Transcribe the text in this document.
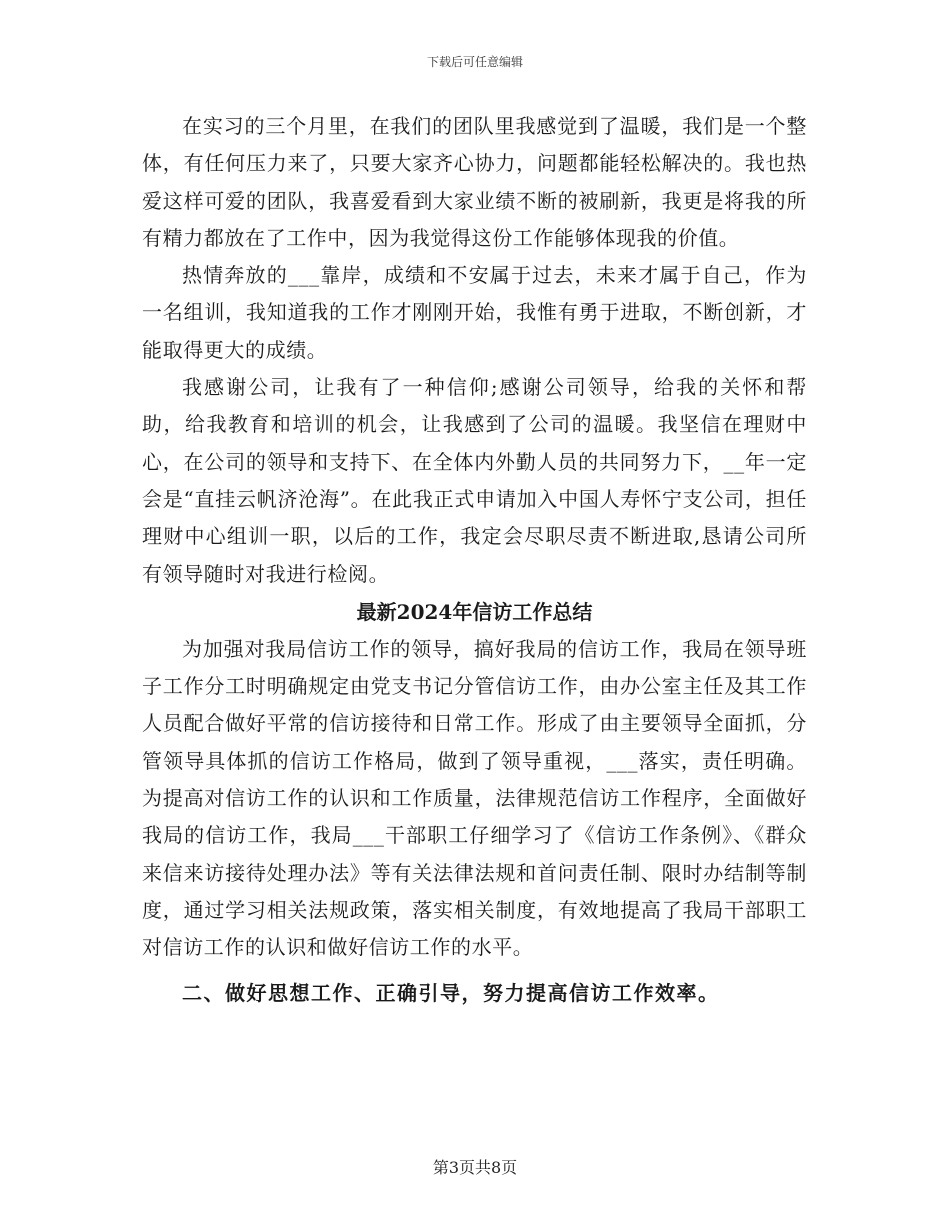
下载后可任意编辑

在实习的三个月里，在我们的团队里我感觉到了温暖，我们是一个整体，有任何压力来了，只要大家齐心协力，问题都能轻松解决的。我也热爱这样可爱的团队，我喜爱看到大家业绩不断的被刷新，我更是将我的所有精力都放在了工作中，因为我觉得这份工作能够体现我的价值。

热情奔放的___靠岸，成绩和不安属于过去，未来才属于自己，作为一名组训，我知道我的工作才刚刚开始，我惟有勇于进取，不断创新，才能取得更大的成绩。

我感谢公司，让我有了一种信仰;感谢公司领导，给我的关怀和帮助，给我教育和培训的机会，让我感到了公司的温暖。我坚信在理财中心，在公司的领导和支持下、在全体内外勤人员的共同努力下，__年一定会是“直挂云帆济沧海”。在此我正式申请加入中国人寿怀宁支公司，担任理财中心组训一职，以后的工作，我定会尽职尽责不断进取,恳请公司所有领导随时对我进行检阅。

最新2024年信访工作总结

为加强对我局信访工作的领导，搞好我局的信访工作，我局在领导班子工作分工时明确规定由党支书记分管信访工作，由办公室主任及其工作人员配合做好平常的信访接待和日常工作。形成了由主要领导全面抓，分管领导具体抓的信访工作格局，做到了领导重视，___落实，责任明确。为提高对信访工作的认识和工作质量，法律规范信访工作程序，全面做好我局的信访工作，我局___干部职工仔细学习了《信访工作条例》、《群众来信来访接待处理办法》等有关法律法规和首问责任制、限时办结制等制度，通过学习相关法规政策，落实相关制度，有效地提高了我局干部职工对信访工作的认识和做好信访工作的水平。

二、做好思想工作、正确引导，努力提高信访工作效率。
第3页共8页
